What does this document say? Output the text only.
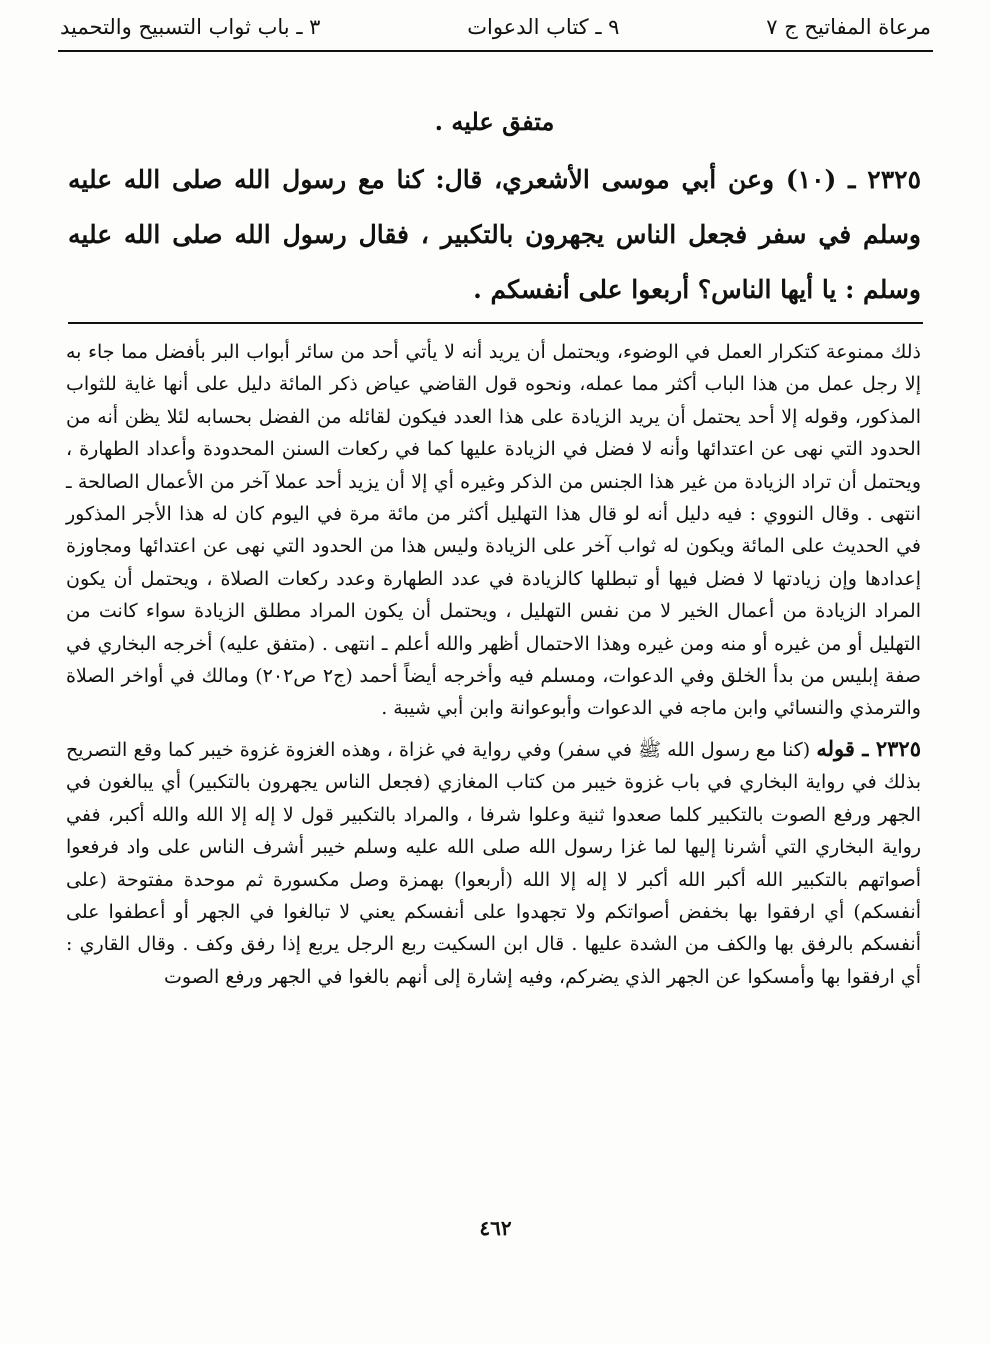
مرعاة المفاتيح ج ٧
٩ ـ كتاب الدعوات
٣ ـ باب ثواب التسبيح والتحميد

متفق عليه .

٢٣٢٥ ـ (١٠) وعن أبي موسى الأشعري، قال: كنا مع رسول الله صلى الله عليه وسلم في سفر فجعل الناس يجهرون بالتكبير ، فقال رسول الله صلى الله عليه وسلم : يا أيها الناس؟ أربعوا على أنفسكم .

ذلك ممنوعة كتكرار العمل في الوضوء، ويحتمل أن يريد أنه لا يأتي أحد من سائر أبواب البر بأفضل مما جاء به إلا رجل عمل من هذا الباب أكثر مما عمله، ونحوه قول القاضي عياض ذكر المائة دليل على أنها غاية للثواب المذكور، وقوله إلا أحد يحتمل أن يريد الزيادة على هذا العدد فيكون لقائله من الفضل بحسابه لئلا يظن أنه من الحدود التي نهى عن اعتدائها وأنه لا فضل في الزيادة عليها كما في ركعات السنن المحدودة وأعداد الطهارة ، ويحتمل أن تراد الزيادة من غير هذا الجنس من الذكر وغيره أي إلا أن يزيد أحد عملا آخر من الأعمال الصالحة ـ انتهى . وقال النووي : فيه دليل أنه لو قال هذا التهليل أكثر من مائة مرة في اليوم كان له هذا الأجر المذكور في الحديث على المائة ويكون له ثواب آخر على الزيادة وليس هذا من الحدود التي نهى عن اعتدائها ومجاوزة إعدادها وإن زيادتها لا فضل فيها أو تبطلها كالزيادة في عدد الطهارة وعدد ركعات الصلاة ، ويحتمل أن يكون المراد الزيادة من أعمال الخير لا من نفس التهليل ، ويحتمل أن يكون المراد مطلق الزيادة سواء كانت من التهليل أو من غيره أو منه ومن غيره وهذا الاحتمال أظهر والله أعلم ـ انتهى . (متفق عليه) أخرجه البخاري في صفة إبليس من بدأ الخلق وفي الدعوات، ومسلم فيه وأخرجه أيضاً أحمد (ج٢ ص٢٠٢) ومالك في أواخر الصلاة والترمذي والنسائي وابن ماجه في الدعوات وأبوعوانة وابن أبي شيبة .

٢٣٢٥ ـ قوله (كنا مع رسول الله ﷺ في سفر) وفي رواية في غزاة ، وهذه الغزوة غزوة خيبر كما وقع التصريح بذلك في رواية البخاري في باب غزوة خيبر من كتاب المغازي (فجعل الناس يجهرون بالتكبير) أي يبالغون في الجهر ورفع الصوت بالتكبير كلما صعدوا ثنية وعلوا شرفا ، والمراد بالتكبير قول لا إله إلا الله والله أكبر، ففي رواية البخاري التي أشرنا إليها لما غزا رسول الله صلى الله عليه وسلم خيبر أشرف الناس على واد فرفعوا أصواتهم بالتكبير الله أكبر الله أكبر لا إله إلا الله (أربعوا) بهمزة وصل مكسورة ثم موحدة مفتوحة (على أنفسكم) أي ارفقوا بها بخفض أصواتكم ولا تجهدوا على أنفسكم يعني لا تبالغوا في الجهر أو أعطفوا على أنفسكم بالرفق بها والكف من الشدة عليها . قال ابن السكيت ربع الرجل يربع إذا رفق وكف . وقال القاري : أي ارفقوا بها وأمسكوا عن الجهر الذي يضركم، وفيه إشارة إلى أنهم بالغوا في الجهر ورفع الصوت

٤٦٢
